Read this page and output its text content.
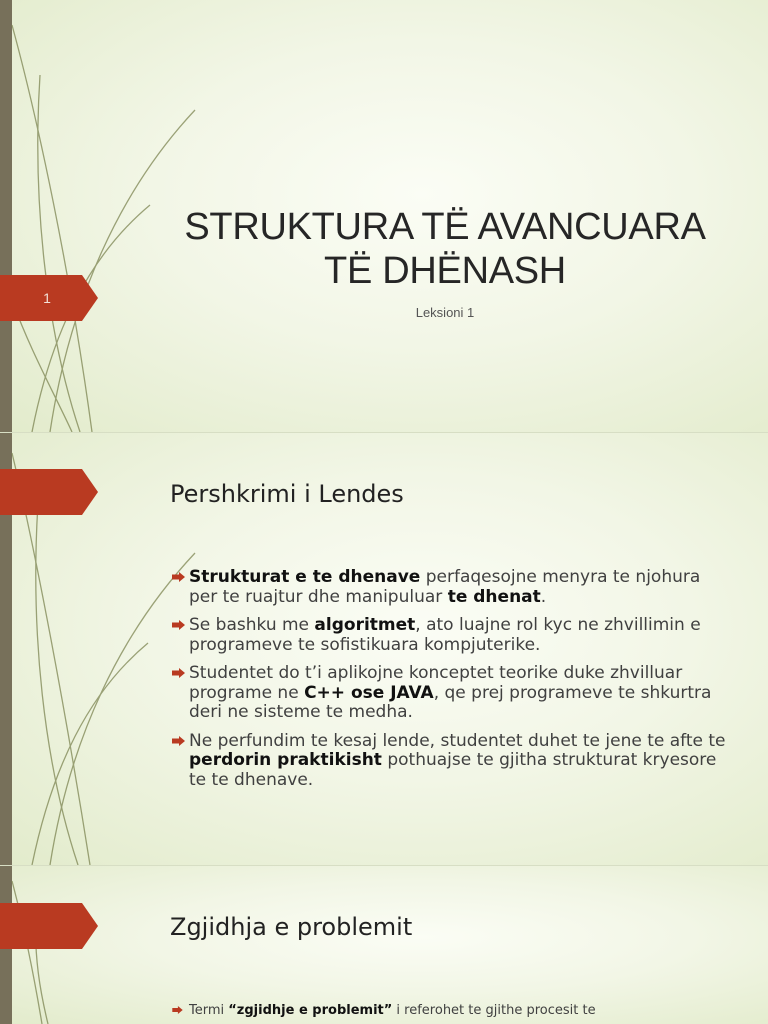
1
STRUKTURA TË AVANCUARA
TË DHËNASH
Leksioni 1
Pershkrimi i Lendes
Strukturat e te dhenave perfaqesojne menyra te njohura per te ruajtur dhe manipuluar te dhenat.
Se bashku me algoritmet, ato luajne rol kyc ne zhvillimin e programeve te sofistikuara kompjuterike.
Studentet do t’i aplikojne konceptet teorike duke zhvilluar programe ne C++ ose JAVA, qe prej programeve te shkurtra deri ne sisteme te medha.
Ne perfundim te kesaj lende, studentet duhet te jene te afte te perdorin praktikisht pothuajse te gjitha strukturat kryesore te te dhenave.
Zgjidhja e problemit
Termi “zgjidhje e problemit” i referohet te gjithe procesit te
